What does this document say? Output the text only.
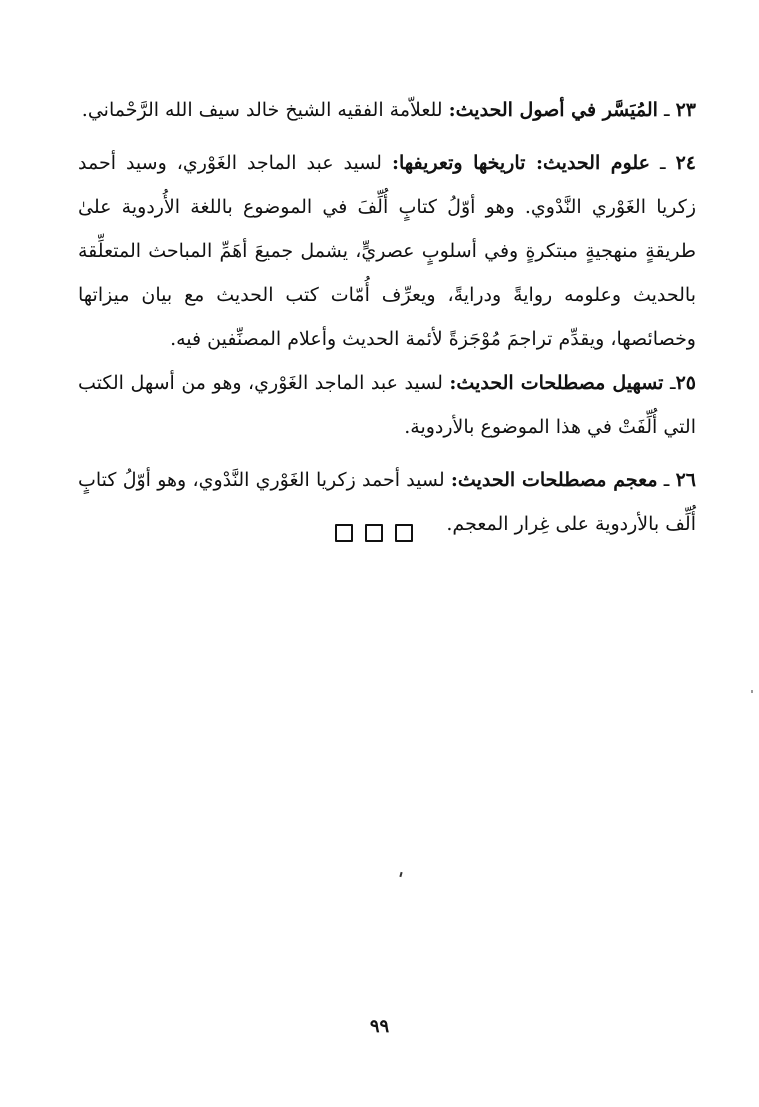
٢٣ ـ المُيَسَّر في أصول الحديث: للعلاّمة الفقيه الشيخ خالد سيف الله الرَّحْماني.

٢٤ ـ علوم الحديث: تاريخها وتعريفها: لسيد عبد الماجد الغَوْري، وسيد أحمد زكريا الغَوْري النَّدْوي. وهو أوّلُ كتابٍ أُلِّفَ في الموضوع باللغة الأُردوية علىٰ طريقةٍ منهجيةٍ مبتكرةٍ وفي أسلوبٍ عصريٍّ، يشمل جميعَ أهَمِّ المباحث المتعلِّقة بالحديث وعلومه روايةً ودرايةً، ويعرِّف أُمّات كتب الحديث مع بيان ميزاتها وخصائصها، ويقدِّم تراجمَ مُوْجَزةً لأئمة الحديث وأعلام المصنِّفين فيه.

٢٥ـ تسهيل مصطلحات الحديث: لسيد عبد الماجد الغَوْري، وهو من أسهل الكتب التي أُلِّفَتْ في هذا الموضوع بالأردوية.

٢٦ ـ معجم مصطلحات الحديث: لسيد أحمد زكريا الغَوْري النَّدْوي، وهو أوّلُ كتابٍ أُلِّف بالأردوية على غِرار المعجم.

٩٩
